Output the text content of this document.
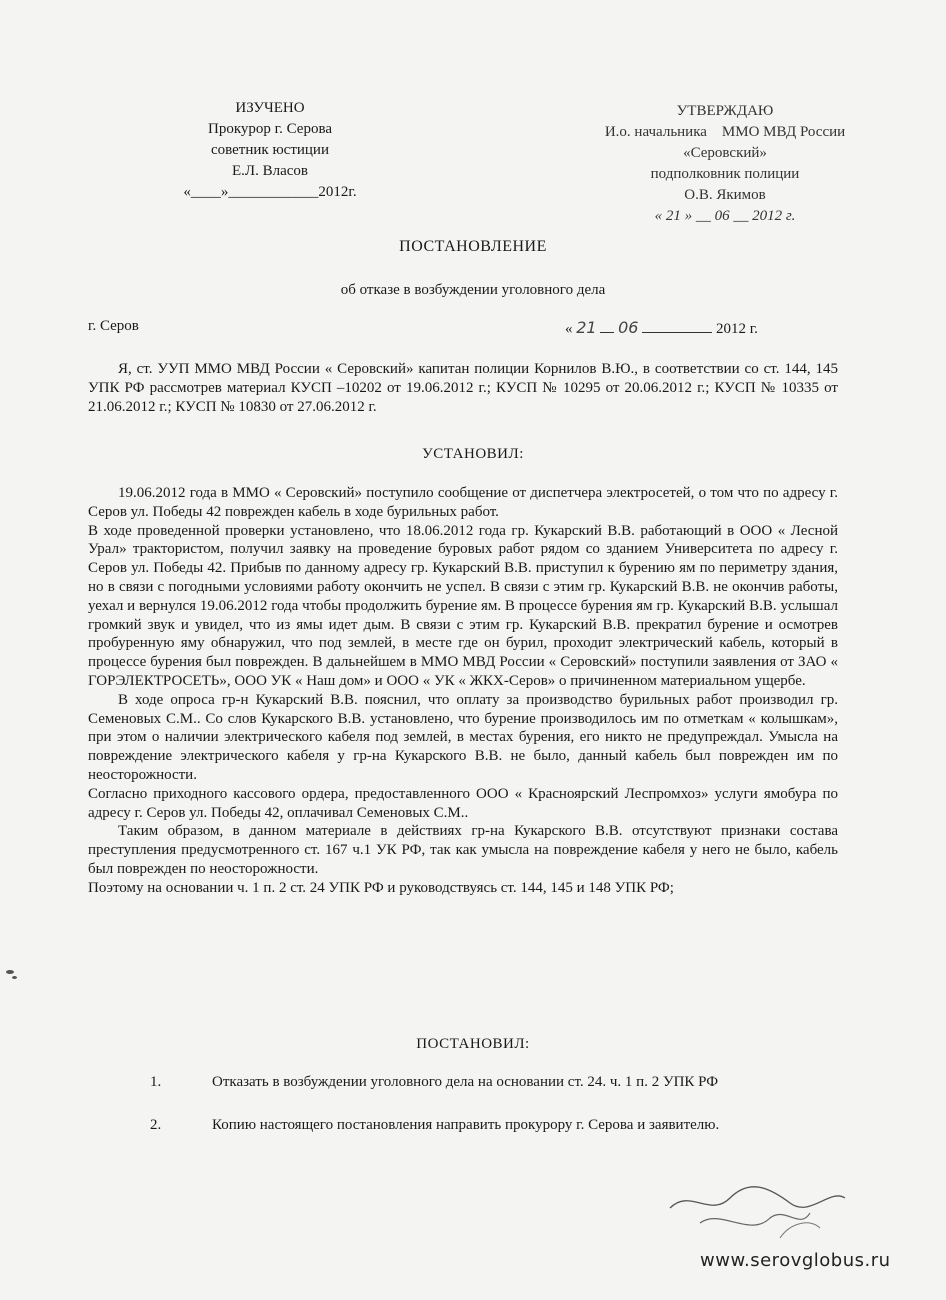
ИЗУЧЕНО
Прокурор г. Серова
советник юстиции
Е.Л. Власов
«____»____________2012г.
УТВЕРЖДАЮ
И.о. начальника    ММО МВД России
«Серовский»
подполковник полиции
О.В. Якимов
« 21 » __ 06 __ 2012 г.
ПОСТАНОВЛЕНИЕ
об отказе в возбуждении уголовного дела
г. Серов	« 21 06	2012 г.

Я, ст. УУП ММО МВД России « Серовский» капитан полиции Корнилов В.Ю., в соответствии со ст. 144, 145 УПК РФ рассмотрев материал КУСП –10202 от 19.06.2012 г.; КУСП № 10295 от 20.06.2012 г.; КУСП № 10335 от 21.06.2012 г.; КУСП № 10830 от 27.06.2012 г.

УСТАНОВИЛ:

19.06.2012 года в ММО « Серовский» поступило сообщение от диспетчера электросетей, о том что по адресу г. Серов ул. Победы 42 поврежден кабель в ходе бурильных работ.

В ходе проведенной проверки установлено, что 18.06.2012 года гр. Кукарский В.В. работающий в ООО « Лесной Урал» трактористом, получил заявку на проведение буровых работ рядом со зданием Университета по адресу г. Серов ул. Победы 42. Прибыв по данному адресу гр. Кукарский В.В. приступил к бурению ям по периметру здания, но в связи с погодными условиями работу окончить не успел. В связи с этим гр. Кукарский В.В. не окончив работы, уехал и вернулся 19.06.2012 года чтобы продолжить бурение ям. В процессе бурения ям гр. Кукарский В.В. услышал громкий звук и увидел, что из ямы идет дым. В связи с этим гр. Кукарский В.В. прекратил бурение и осмотрев пробуренную яму обнаружил, что под землей, в месте где он бурил, проходит электрический кабель, который в процессе бурения был поврежден. В дальнейшем в ММО МВД России « Серовский» поступили заявления от ЗАО « ГОРЭЛЕКТРОСЕТЬ», ООО УК « Наш дом» и ООО « УК « ЖКХ-Серов» о причиненном материальном ущербе.

В ходе опроса гр-н Кукарский В.В. пояснил, что оплату за производство бурильных работ производил гр. Семеновых С.М.. Со слов Кукарского В.В. установлено, что бурение производилось им по отметкам « колышкам», при этом о наличии электрического кабеля под землей, в местах бурения, его никто не предупреждал. Умысла на повреждение электрического кабеля у гр-на Кукарского В.В. не было, данный кабель был поврежден им по неосторожности.

Согласно приходного кассового ордера, предоставленного ООО « Краснояpский Леспромхоз» услуги ямобура по адресу г. Серов ул. Победы 42, оплачивал Семеновых С.М..

Таким образом, в данном материале в действиях гр-на Кукарского В.В. отсутствуют признаки состава преступления предусмотренного ст. 167 ч.1 УК РФ, так как умысла на повреждение кабеля у него не было, кабель был поврежден по неосторожности.

Поэтому на основании ч. 1 п. 2 ст. 24 УПК РФ и руководствуясь ст. 144, 145 и 148 УПК РФ;

ПОСТАНОВИЛ:
1.	Отказать в возбуждении уголовного дела на основании ст. 24. ч. 1 п. 2 УПК РФ
2.	Копию настоящего постановления направить прокурору г. Серова и заявителю.
www.serovglobus.ru
